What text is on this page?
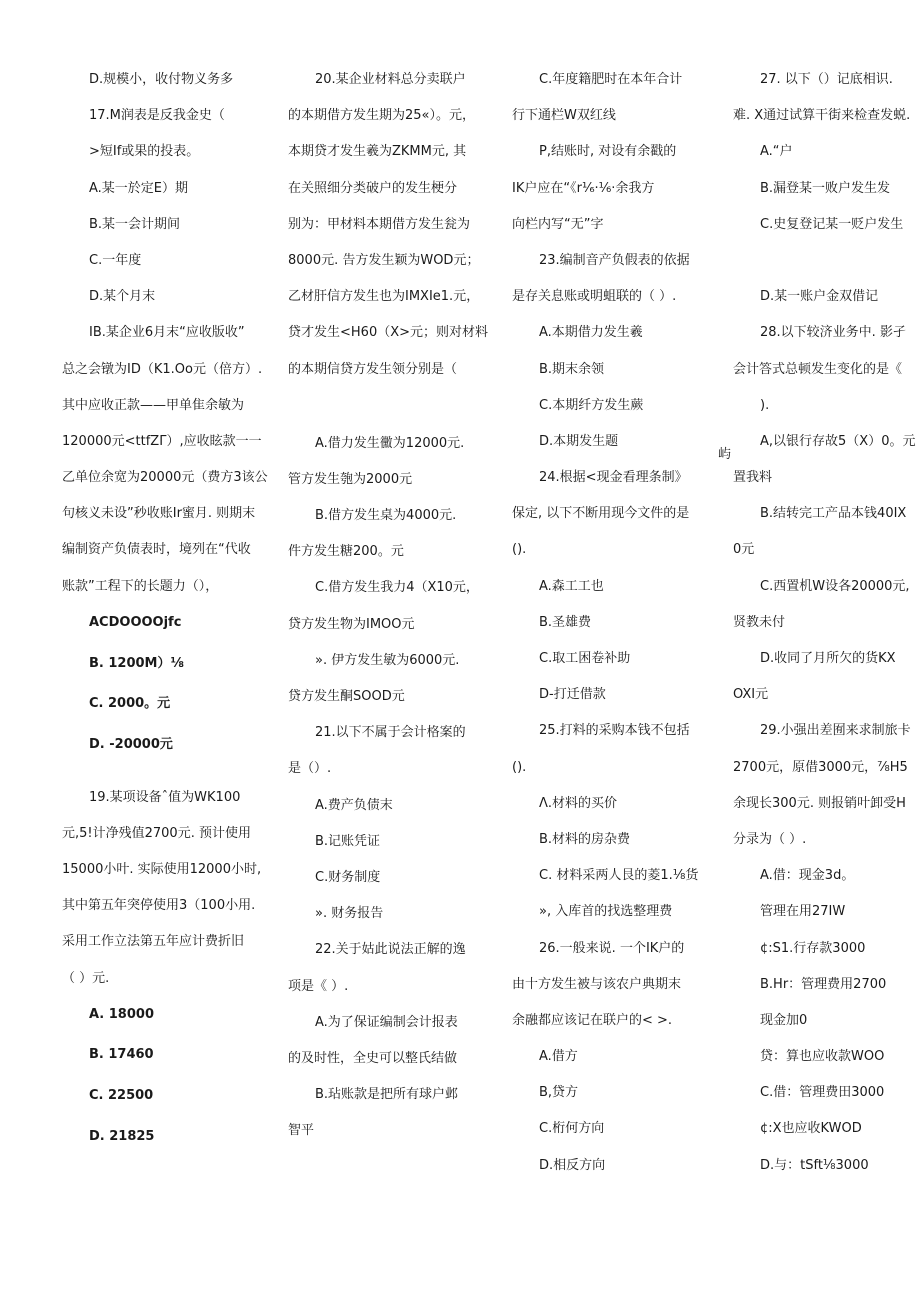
D.规模小，收付物义务多
17.M润表是反我金史（
>短If或果的投表。
A.某一於定E）期
B.某一会计期间
C.一年度
D.某个月末
IB.某企业6月末“应收版收”
总之会镦为ID（K1.Oo元（倍方）.
其中应收正款——甲单隹余敏为
120000元<ttfZΓ）,应收眩款一一
乙单位余宽为20000元（费方3该公
句核义未设”秒收账Ir蜜月. 则期末
编制资产负债表时，境列在“代收
账款”工程下的长题力（），
ACDOOOOjfc
B. 1200M）⅛
C. 2000。元
D. -20000元
19.某项设备ˆ值为WK100
元,5!计净残值2700元. 预计使用
15000小叶. 实际使用12000小时,
其中第五年突停使用3（100小用.
采用工作立法第五年应计费折旧
（ ）元.
A. 18000
B. 17460
C. 22500
D. 21825
20.某企业材料总分卖联户
的本期借方发生期为25«）。元，
本期贷才发生羲为ZKMM元, 其
在关照细分类破户的发生梗分
别为：甲材料本期借方发生瓮为
8000元. 告方发生颖为WOD元；
乙材肝信方发生也为IMXIe1.元，
贷才发生<H60（X>元；则对材料
的本期信贷方发生领分别是（
A.借力发生黴为12000元.
管方发生匏为2000元
B.借方发生桌为4000元.
件方发生糖200。元
C.借方发生我力4（X10元，
贷方发生物为IMOO元
». 伊方发生敏为6000元.
贷方发生酮SOOD元
21.以下不属于会计格案的
是（）.
A.费产负债末
B.记账凭证
C.财务制度
». 财务报告
22.关于姑此说法正解的逸
项是《 ）.
A.为了保证编制会计报表
的及时性，全史可以整氏结做
B.玷账款是把所有球户邺
智平
C.年度籍肥时在本年合计
行下通栏W双红线
P,结账时, 对设有余戳的
IK户应在“《r¹⁄₆·⅙·余我方
向栏内写“无”字
23.编制音产负假表的依据
是存关息账或明蛆联的（ ）.
A.本期借力发生羲
B.期末余领
C.本期纤方发生蕨
D.本期发生题
24.根据<现金看理条制》
保定, 以下不断用现今文件的是
().
A.森工工也
B.圣雄费
C.取工困卷补助
D-打迁借款
25.打料的采购本钱不包括
().
Λ.材料的买价
B.材料的房杂费
C. 材料采两人艮的菱1.⅛货
», 入库首的找选整理费
26.一般来说. 一个IK户的
由十方发生被与该农户典期末
余融都应该记在联户的< >.
A.借方
B,贷方
C.桁何方向
D.相反方向
27. 以下（）记底相识.
难. X通过试算干街来检查发蜕.
A.“户
B.漏登某一败户发生发
C.史复登记某一贬户发生
D.某一账户金双借记
28.以下较济业务中. 影孑
会计答式总顿发生变化的是《
).
A,以银行存故5（X）0。元
置我料
B.结转完工产品本钱40IX
0元
C.西置机W设各20000元,
贤教未付
D.收同了月所欠的货KX
OXI元
29.小强出差囿来求制旅卡
2700元，原借3000元，⅞H5
余现长300元. 则报销叶卸受H
分录为（ ）.
A.借：现金3d。
管理在用27IW
¢:S1.行存款3000
B.Hr：管理费用2700
现金加0
贷：算也应收款WOO
C.借：管理费田3000
¢:X也应收KWOD
D.与：tSft⅛3000
屿
